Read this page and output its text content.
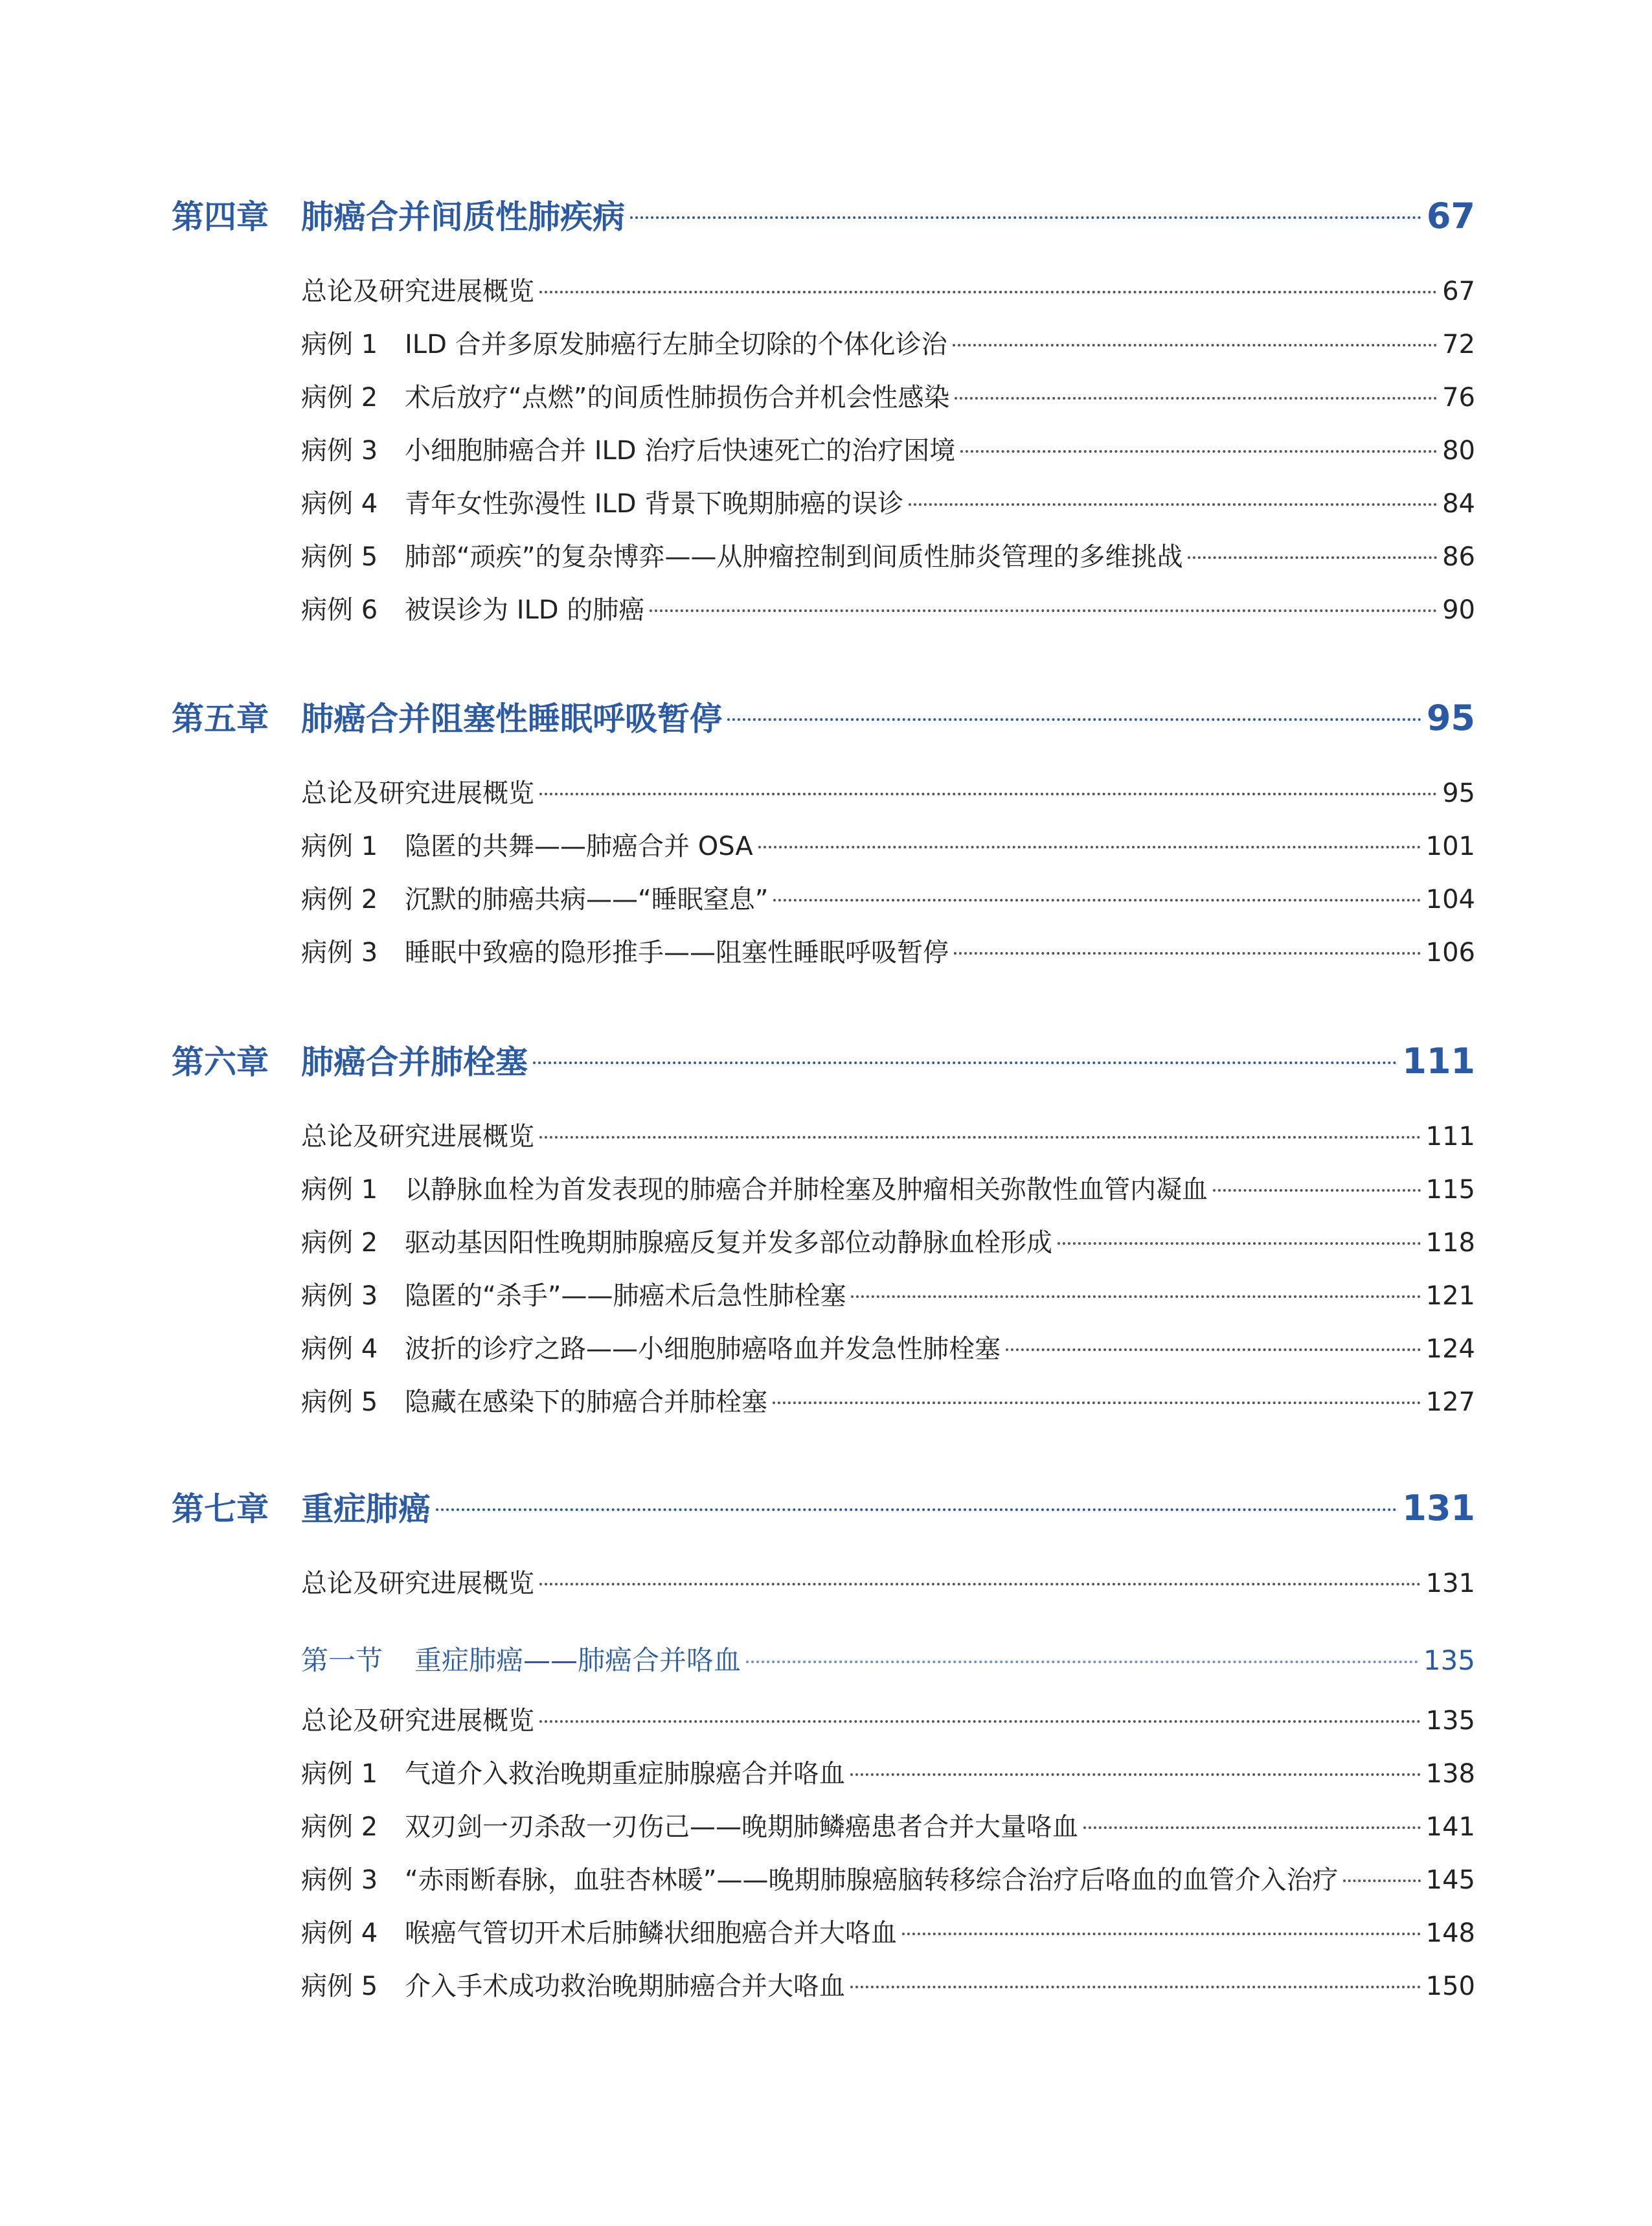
第四章	肺癌合并间质性肺疾病	67
总论及研究进展概览	67
病例 1	ILD 合并多原发肺癌行左肺全切除的个体化诊治	72
病例 2	术后放疗“点燃”的间质性肺损伤合并机会性感染	76
病例 3	小细胞肺癌合并 ILD 治疗后快速死亡的治疗困境	80
病例 4	青年女性弥漫性 ILD 背景下晚期肺癌的误诊	84
病例 5	肺部“顽疾”的复杂博弈——从肿瘤控制到间质性肺炎管理的多维挑战	86
病例 6	被误诊为 ILD 的肺癌	90
第五章	肺癌合并阻塞性睡眠呼吸暂停	95
总论及研究进展概览	95
病例 1	隐匿的共舞——肺癌合并 OSA	101
病例 2	沉默的肺癌共病——“睡眠窒息”	104
病例 3	睡眠中致癌的隐形推手——阻塞性睡眠呼吸暂停	106
第六章	肺癌合并肺栓塞	111
总论及研究进展概览	111
病例 1	以静脉血栓为首发表现的肺癌合并肺栓塞及肿瘤相关弥散性血管内凝血	115
病例 2	驱动基因阳性晚期肺腺癌反复并发多部位动静脉血栓形成	118
病例 3	隐匿的“杀手”——肺癌术后急性肺栓塞	121
病例 4	波折的诊疗之路——小细胞肺癌咯血并发急性肺栓塞	124
病例 5	隐藏在感染下的肺癌合并肺栓塞	127
第七章	重症肺癌	131
总论及研究进展概览	131
第一节	重症肺癌——肺癌合并咯血	135
总论及研究进展概览	135
病例 1	气道介入救治晚期重症肺腺癌合并咯血	138
病例 2	双刃剑一刃杀敌一刃伤己——晚期肺鳞癌患者合并大量咯血	141
病例 3	“赤雨断春脉，血驻杏林暖”——晚期肺腺癌脑转移综合治疗后咯血的血管介入治疗	145
病例 4	喉癌气管切开术后肺鳞状细胞癌合并大咯血	148
病例 5	介入手术成功救治晚期肺癌合并大咯血	150
